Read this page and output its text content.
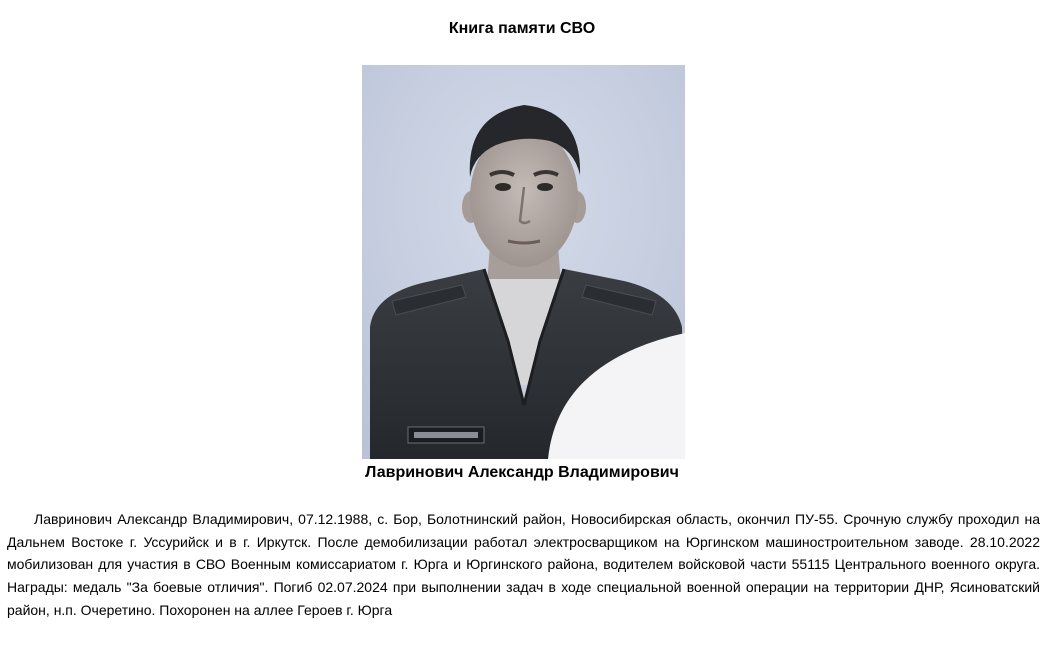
Книга памяти СВО
Лавринович Александр Владимирович

Лавринович Александр Владимирович, 07.12.1988, с. Бор, Болотнинский район, Новосибирская область, окончил ПУ-55. Срочную службу проходил на Дальнем Востоке г. Уссурийск и в г. Иркутск. После демобилизации работал электросварщиком на Юргинском машиностроительном заводе. 28.10.2022 мобилизован для участия в СВО Военным комиссариатом г. Юрга и Юргинского района, водителем войсковой части 55115 Центрального военного округа. Награды: медаль "За боевые отличия". Погиб 02.07.2024 при выполнении задач в ходе специальной военной операции на территории ДНР, Ясиноватский район, н.п. Очеретино. Похоронен на аллее Героев г. Юрга
